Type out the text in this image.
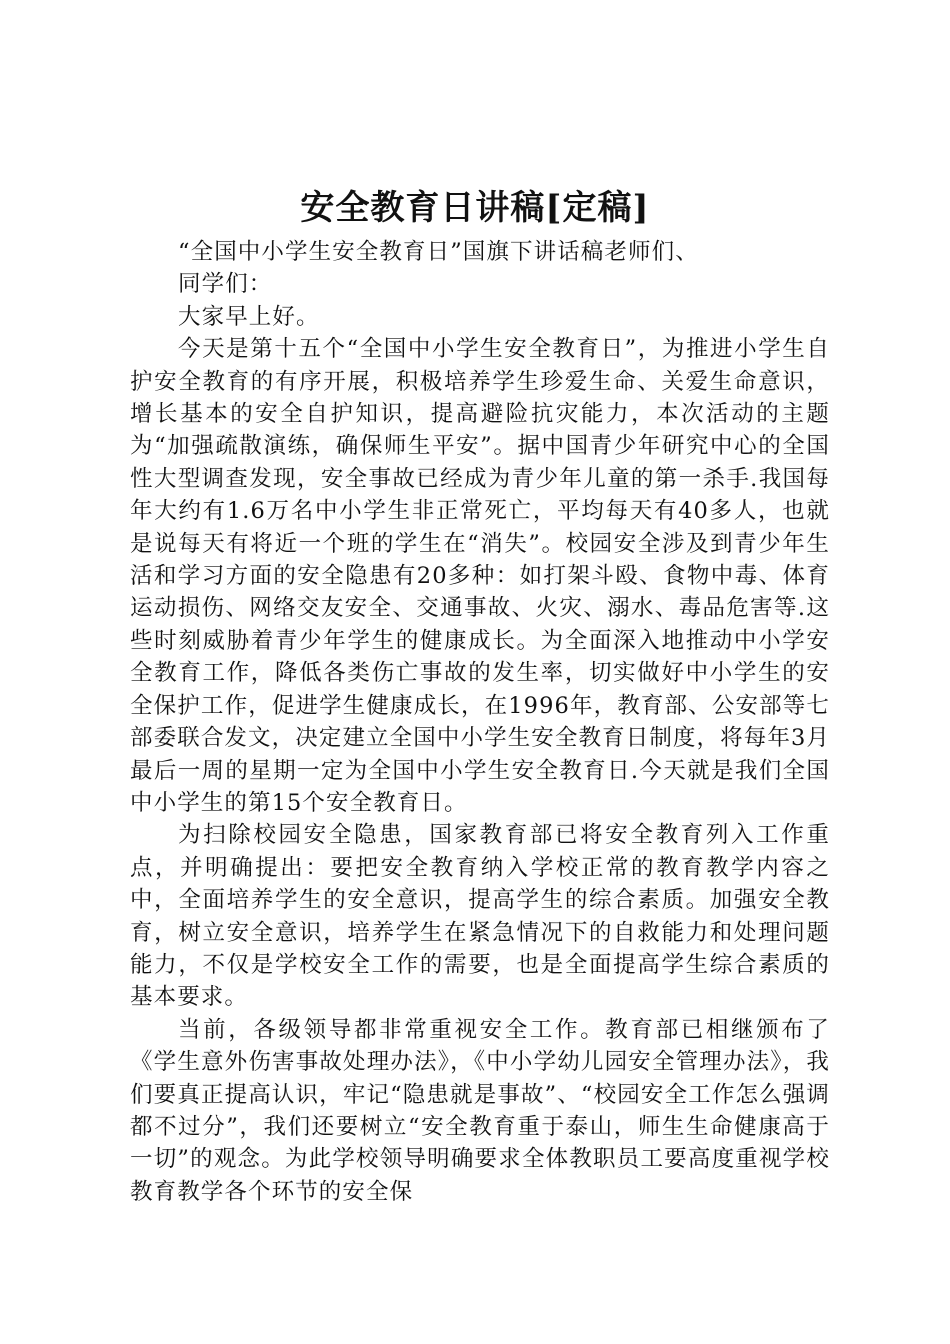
安全教育日讲稿[定稿]

“全国中小学生安全教育日”国旗下讲话稿老师们、

同学们：

大家早上好。

今天是第十五个“全国中小学生安全教育日”，为推进小学生自护安全教育的有序开展，积极培养学生珍爱生命、关爱生命意识，增长基本的安全自护知识，提高避险抗灾能力，本次活动的主题为“加强疏散演练，确保师生平安”。据中国青少年研究中心的全国性大型调查发现，安全事故已经成为青少年儿童的第一杀手.我国每年大约有1.6万名中小学生非正常死亡，平均每天有40多人，也就是说每天有将近一个班的学生在“消失”。校园安全涉及到青少年生活和学习方面的安全隐患有20多种：如打架斗殴、食物中毒、体育运动损伤、网络交友安全、交通事故、火灾、溺水、毒品危害等.这些时刻威胁着青少年学生的健康成长。为全面深入地推动中小学安全教育工作，降低各类伤亡事故的发生率，切实做好中小学生的安全保护工作，促进学生健康成长，在1996年，教育部、公安部等七部委联合发文，决定建立全国中小学生安全教育日制度，将每年3月最后一周的星期一定为全国中小学生安全教育日.今天就是我们全国中小学生的第15个安全教育日。

为扫除校园安全隐患，国家教育部已将安全教育列入工作重点，并明确提出：要把安全教育纳入学校正常的教育教学内容之中，全面培养学生的安全意识，提高学生的综合素质。加强安全教育，树立安全意识，培养学生在紧急情况下的自救能力和处理问题能力，不仅是学校安全工作的需要，也是全面提高学生综合素质的基本要求。

当前，各级领导都非常重视安全工作。教育部已相继颁布了《学生意外伤害事故处理办法》，《中小学幼儿园安全管理办法》，我们要真正提高认识，牢记“隐患就是事故”、“校园安全工作怎么强调都不过分”，我们还要树立“安全教育重于泰山，师生生命健康高于一切”的观念。为此学校领导明确要求全体教职员工要高度重视学校教育教学各个环节的安全保
